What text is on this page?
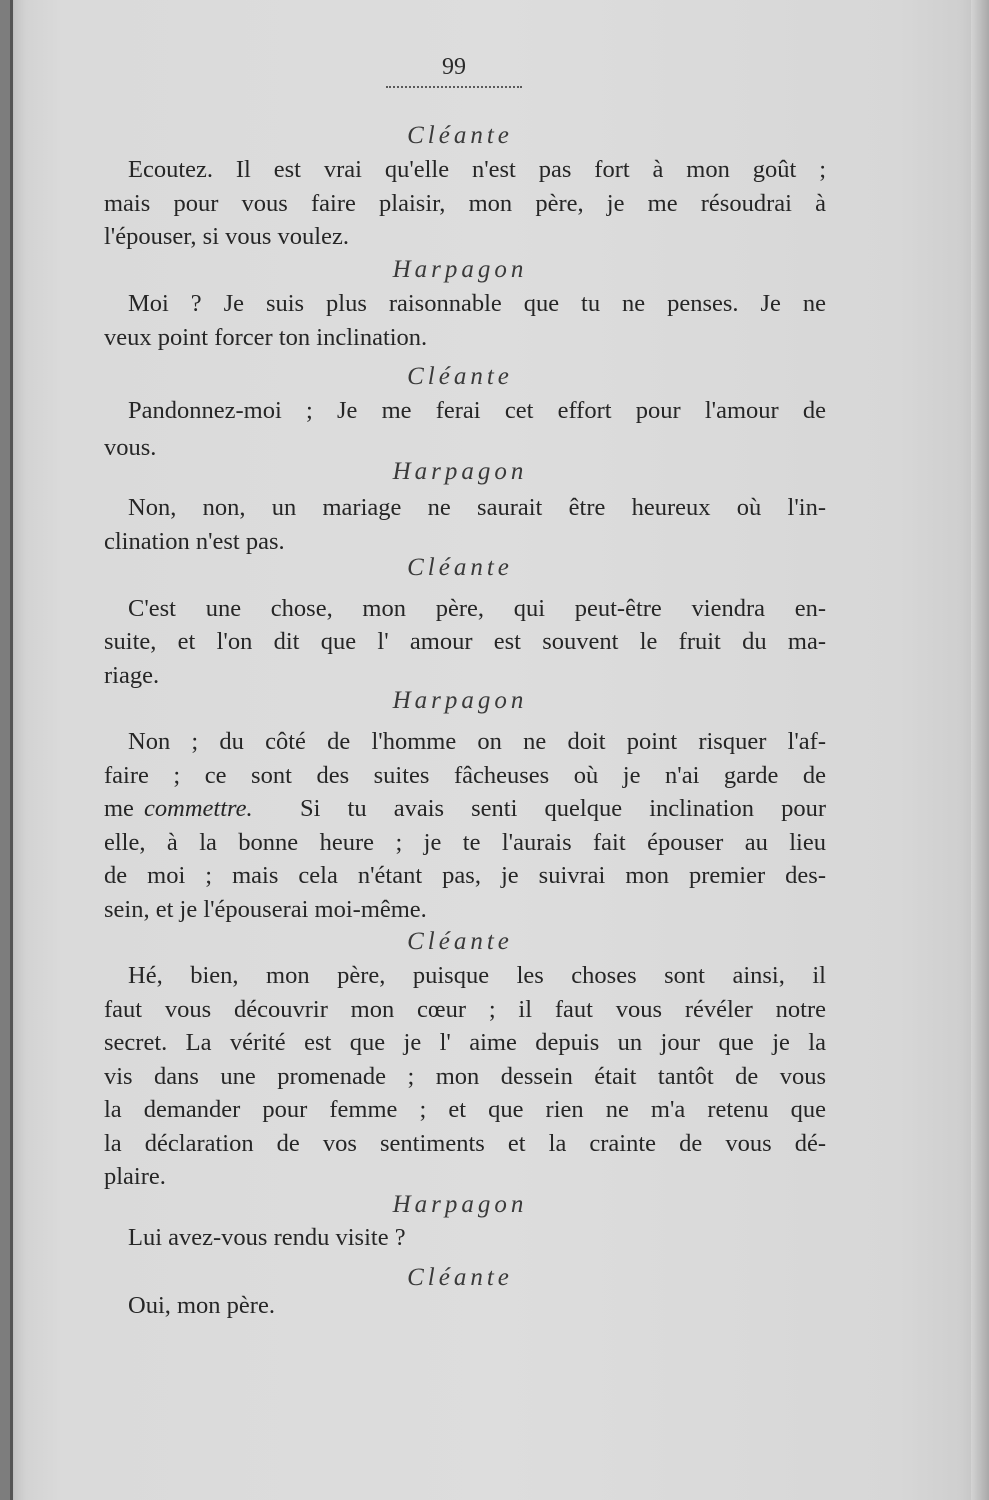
99
Cléante
Ecoutez. Il est vrai qu'elle n'est pas fort à mon goût ;
mais pour vous faire plaisir, mon père, je me résoudrai à
l'épouser, si vous voulez.
Harpagon
Moi ? Je suis plus raisonnable que tu ne penses. Je ne
veux point forcer ton inclination.
Cléante
Pandonnez-moi ; Je me ferai cet effort pour l'amour de
vous.
Harpagon
Non, non, un mariage ne saurait être heureux où l'in-
clination n'est pas.
Cléante
C'est une chose, mon père, qui peut-être viendra en-
suite, et l'on dit que l' amour est souvent le fruit du ma-
riage.
Harpagon
Non ; du côté de l'homme on ne doit point risquer l'af-
faire ; ce sont des suites fâcheuses où je n'ai garde de
me commettre. Si tu avais senti quelque inclination pour
elle, à la bonne heure ; je te l'aurais fait épouser au lieu
de moi ; mais cela n'étant pas, je suivrai mon premier des-
sein, et je l'épouserai moi-même.
Cléante
Hé, bien, mon père, puisque les choses sont ainsi, il
faut vous découvrir mon cœur ; il faut vous révéler notre
secret. La vérité est que je l' aime depuis un jour que je la
vis dans une promenade ; mon dessein était tantôt de vous
la demander pour femme ; et que rien ne m'a retenu que
la déclaration de vos sentiments et la crainte de vous dé-
plaire.
Harpagon
Lui avez-vous rendu visite ?
Cléante
Oui, mon père.
